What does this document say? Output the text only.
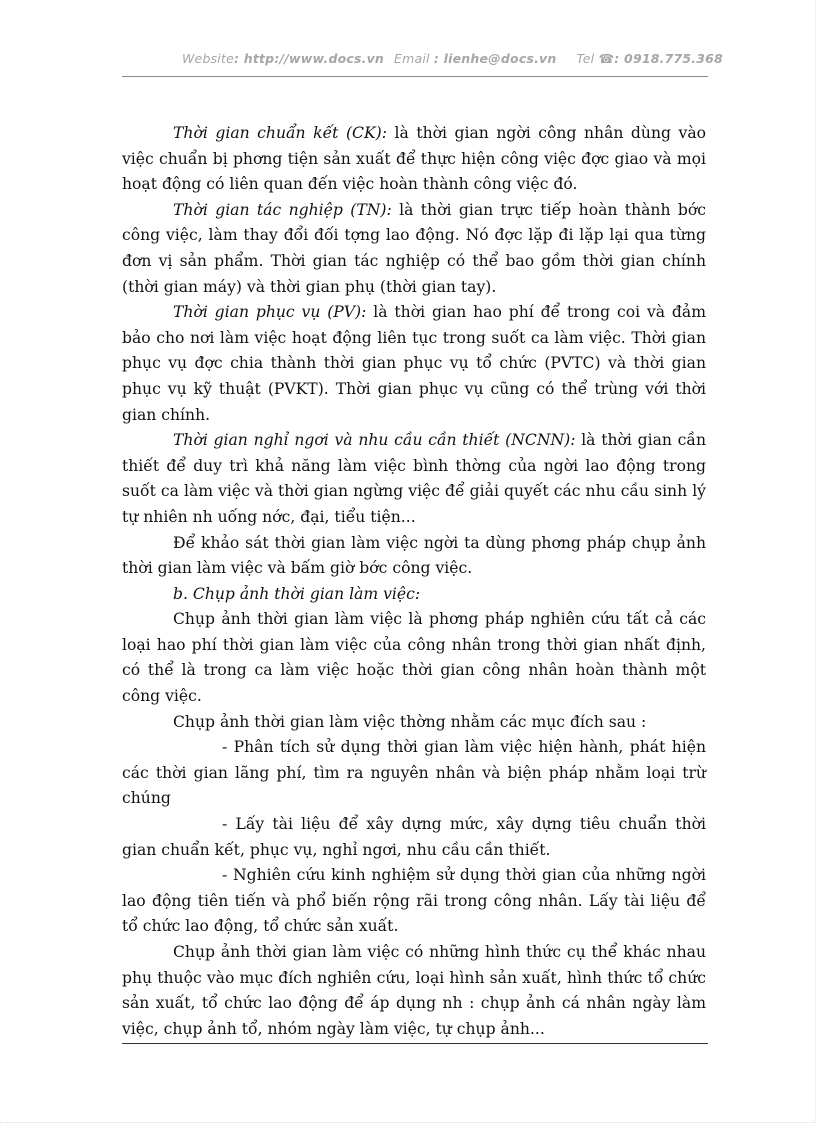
Website: http://www.docs.vn Email : lienhe@docs.vn Tel ☎: 0918.775.368

Thời gian chuẩn kết (CK): là thời gian ngời công nhân dùng vào việc chuẩn bị phơng tiện sản xuất để thực hiện công việc đợc giao và mọi hoạt động có liên quan đến việc hoàn thành công việc đó.

Thời gian tác nghiệp (TN): là thời gian trực tiếp hoàn thành bớc công việc, làm thay đổi đối tợng lao động. Nó đợc lặp đi lặp lại qua từng đơn vị sản phẩm. Thời gian tác nghiệp có thể bao gồm thời gian chính (thời gian máy) và thời gian phụ (thời gian tay).

Thời gian phục vụ (PV): là thời gian hao phí để trong coi và đảm bảo cho nơi làm việc hoạt động liên tục trong suốt ca làm việc. Thời gian phục vụ đợc chia thành thời gian phục vụ tổ chức (PVTC) và thời gian phục vụ kỹ thuật (PVKT). Thời gian phục vụ cũng có thể trùng với thời gian chính.

Thời gian nghỉ ngơi và nhu cầu cần thiết (NCNN): là thời gian cần thiết để duy trì khả năng làm việc bình thờng của ngời lao động trong suốt ca làm việc và thời gian ngừng việc để giải quyết các nhu cầu sinh lý tự nhiên nh uống nớc, đại, tiểu tiện...

Để khảo sát thời gian làm việc ngời ta dùng phơng pháp chụp ảnh thời gian làm việc và bấm giờ bớc công việc.

b. Chụp ảnh thời gian làm việc:

Chụp ảnh thời gian làm việc là phơng pháp nghiên cứu tất cả các loại hao phí thời gian làm việc của công nhân trong thời gian nhất định, có thể là trong ca làm việc hoặc thời gian công nhân hoàn thành một công việc.

Chụp ảnh thời gian làm việc thờng nhằm các mục đích sau :

- Phân tích sử dụng thời gian làm việc hiện hành, phát hiện các thời gian lãng phí, tìm ra nguyên nhân và biện pháp nhằm loại trừ chúng

- Lấy tài liệu để xây dựng mức, xây dựng tiêu chuẩn thời gian chuẩn kết, phục vụ, nghỉ ngơi, nhu cầu cần thiết.

- Nghiên cứu kinh nghiệm sử dụng thời gian của những ngời lao động tiên tiến và phổ biến rộng rãi trong công nhân. Lấy tài liệu để tổ chức lao động, tổ chức sản xuất.

Chụp ảnh thời gian làm việc có những hình thức cụ thể khác nhau phụ thuộc vào mục đích nghiên cứu, loại hình sản xuất, hình thức tổ chức sản xuất, tổ chức lao động để áp dụng nh : chụp ảnh cá nhân ngày làm việc, chụp ảnh tổ, nhóm ngày làm việc, tự chụp ảnh...
